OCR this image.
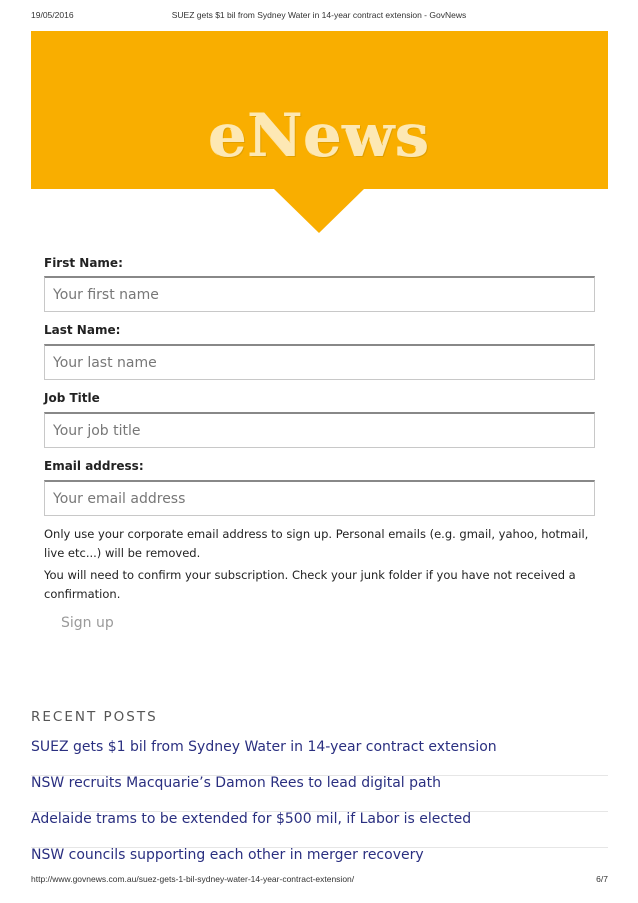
19/05/2016	SUEZ gets $1 bil from Sydney Water in 14-year contract extension - GovNews
eNews
First Name:
Your first name
Last Name:
Your last name
Job Title
Your job title
Email address:
Your email address
Only use your corporate email address to sign up. Personal emails (e.g. gmail, yahoo, hotmail, live etc...) will be removed.
You will need to confirm your subscription. Check your junk folder if you have not received a confirmation.
Sign up
RECENT POSTS
SUEZ gets $1 bil from Sydney Water in 14-year contract extension
NSW recruits Macquarie’s Damon Rees to lead digital path
Adelaide trams to be extended for $500 mil, if Labor is elected
NSW councils supporting each other in merger recovery
http://www.govnews.com.au/suez-gets-1-bil-sydney-water-14-year-contract-extension/	6/7
